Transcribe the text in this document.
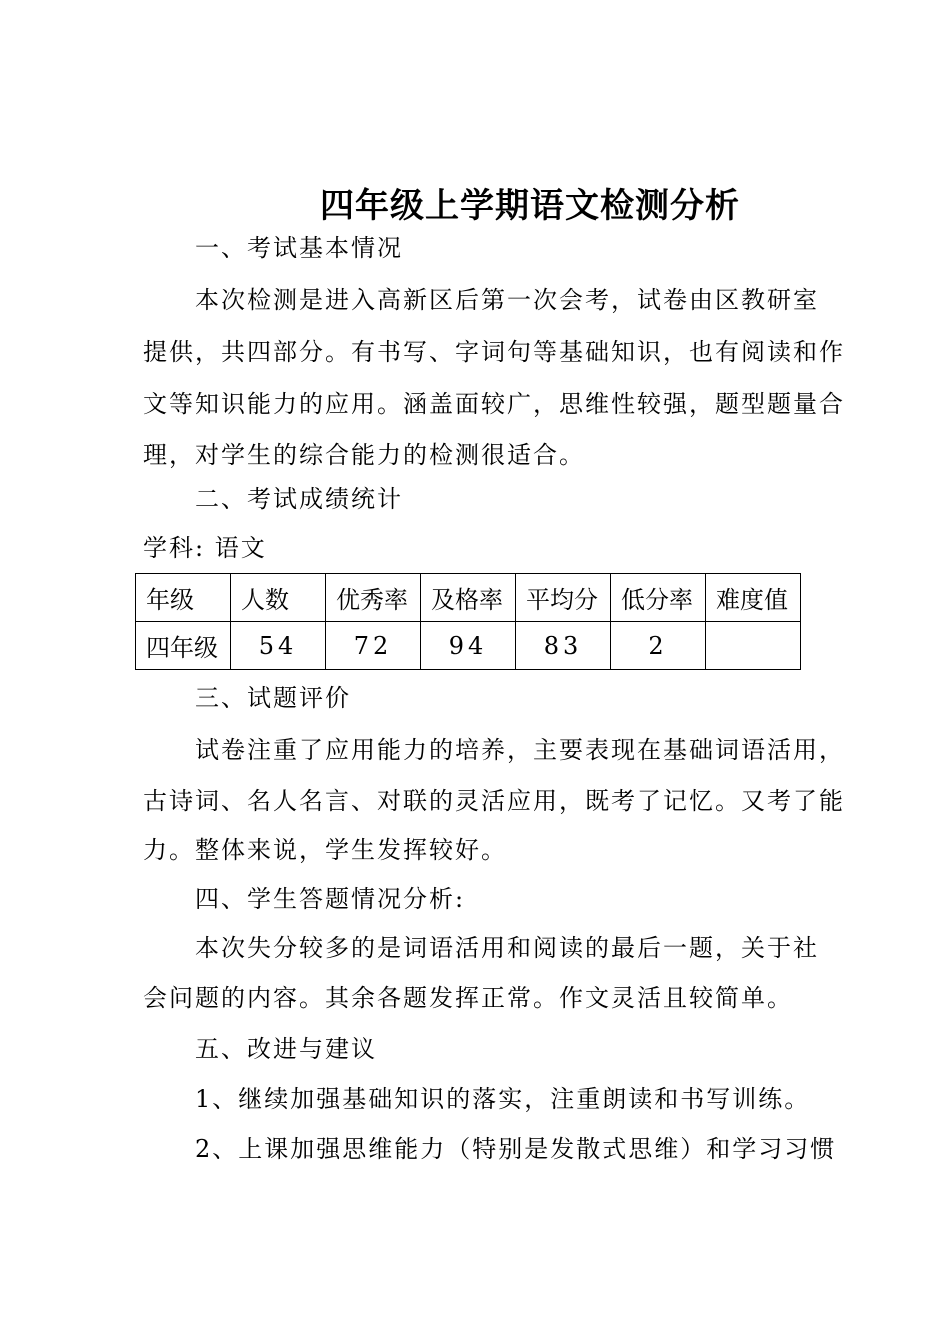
四年级上学期语文检测分析

一、考试基本情况

本次检测是进入高新区后第一次会考，试卷由区教研室

提供，共四部分。有书写、字词句等基础知识，也有阅读和作

文等知识能力的应用。涵盖面较广，思维性较强，题型题量合

理，对学生的综合能力的检测很适合。

二、考试成绩统计

学科: 语文

年级	人数	优秀率	及格率	平均分	低分率	难度值
四年级	54	72	94	83	2	

三、试题评价

试卷注重了应用能力的培养，主要表现在基础词语活用，

古诗词、名人名言、对联的灵活应用，既考了记忆。又考了能

力。整体来说，学生发挥较好。

四、学生答题情况分析:

本次失分较多的是词语活用和阅读的最后一题，关于社

会问题的内容。其余各题发挥正常。作文灵活且较简单。

五、改进与建议

1、继续加强基础知识的落实，注重朗读和书写训练。

2、上课加强思维能力（特别是发散式思维）和学习习惯
